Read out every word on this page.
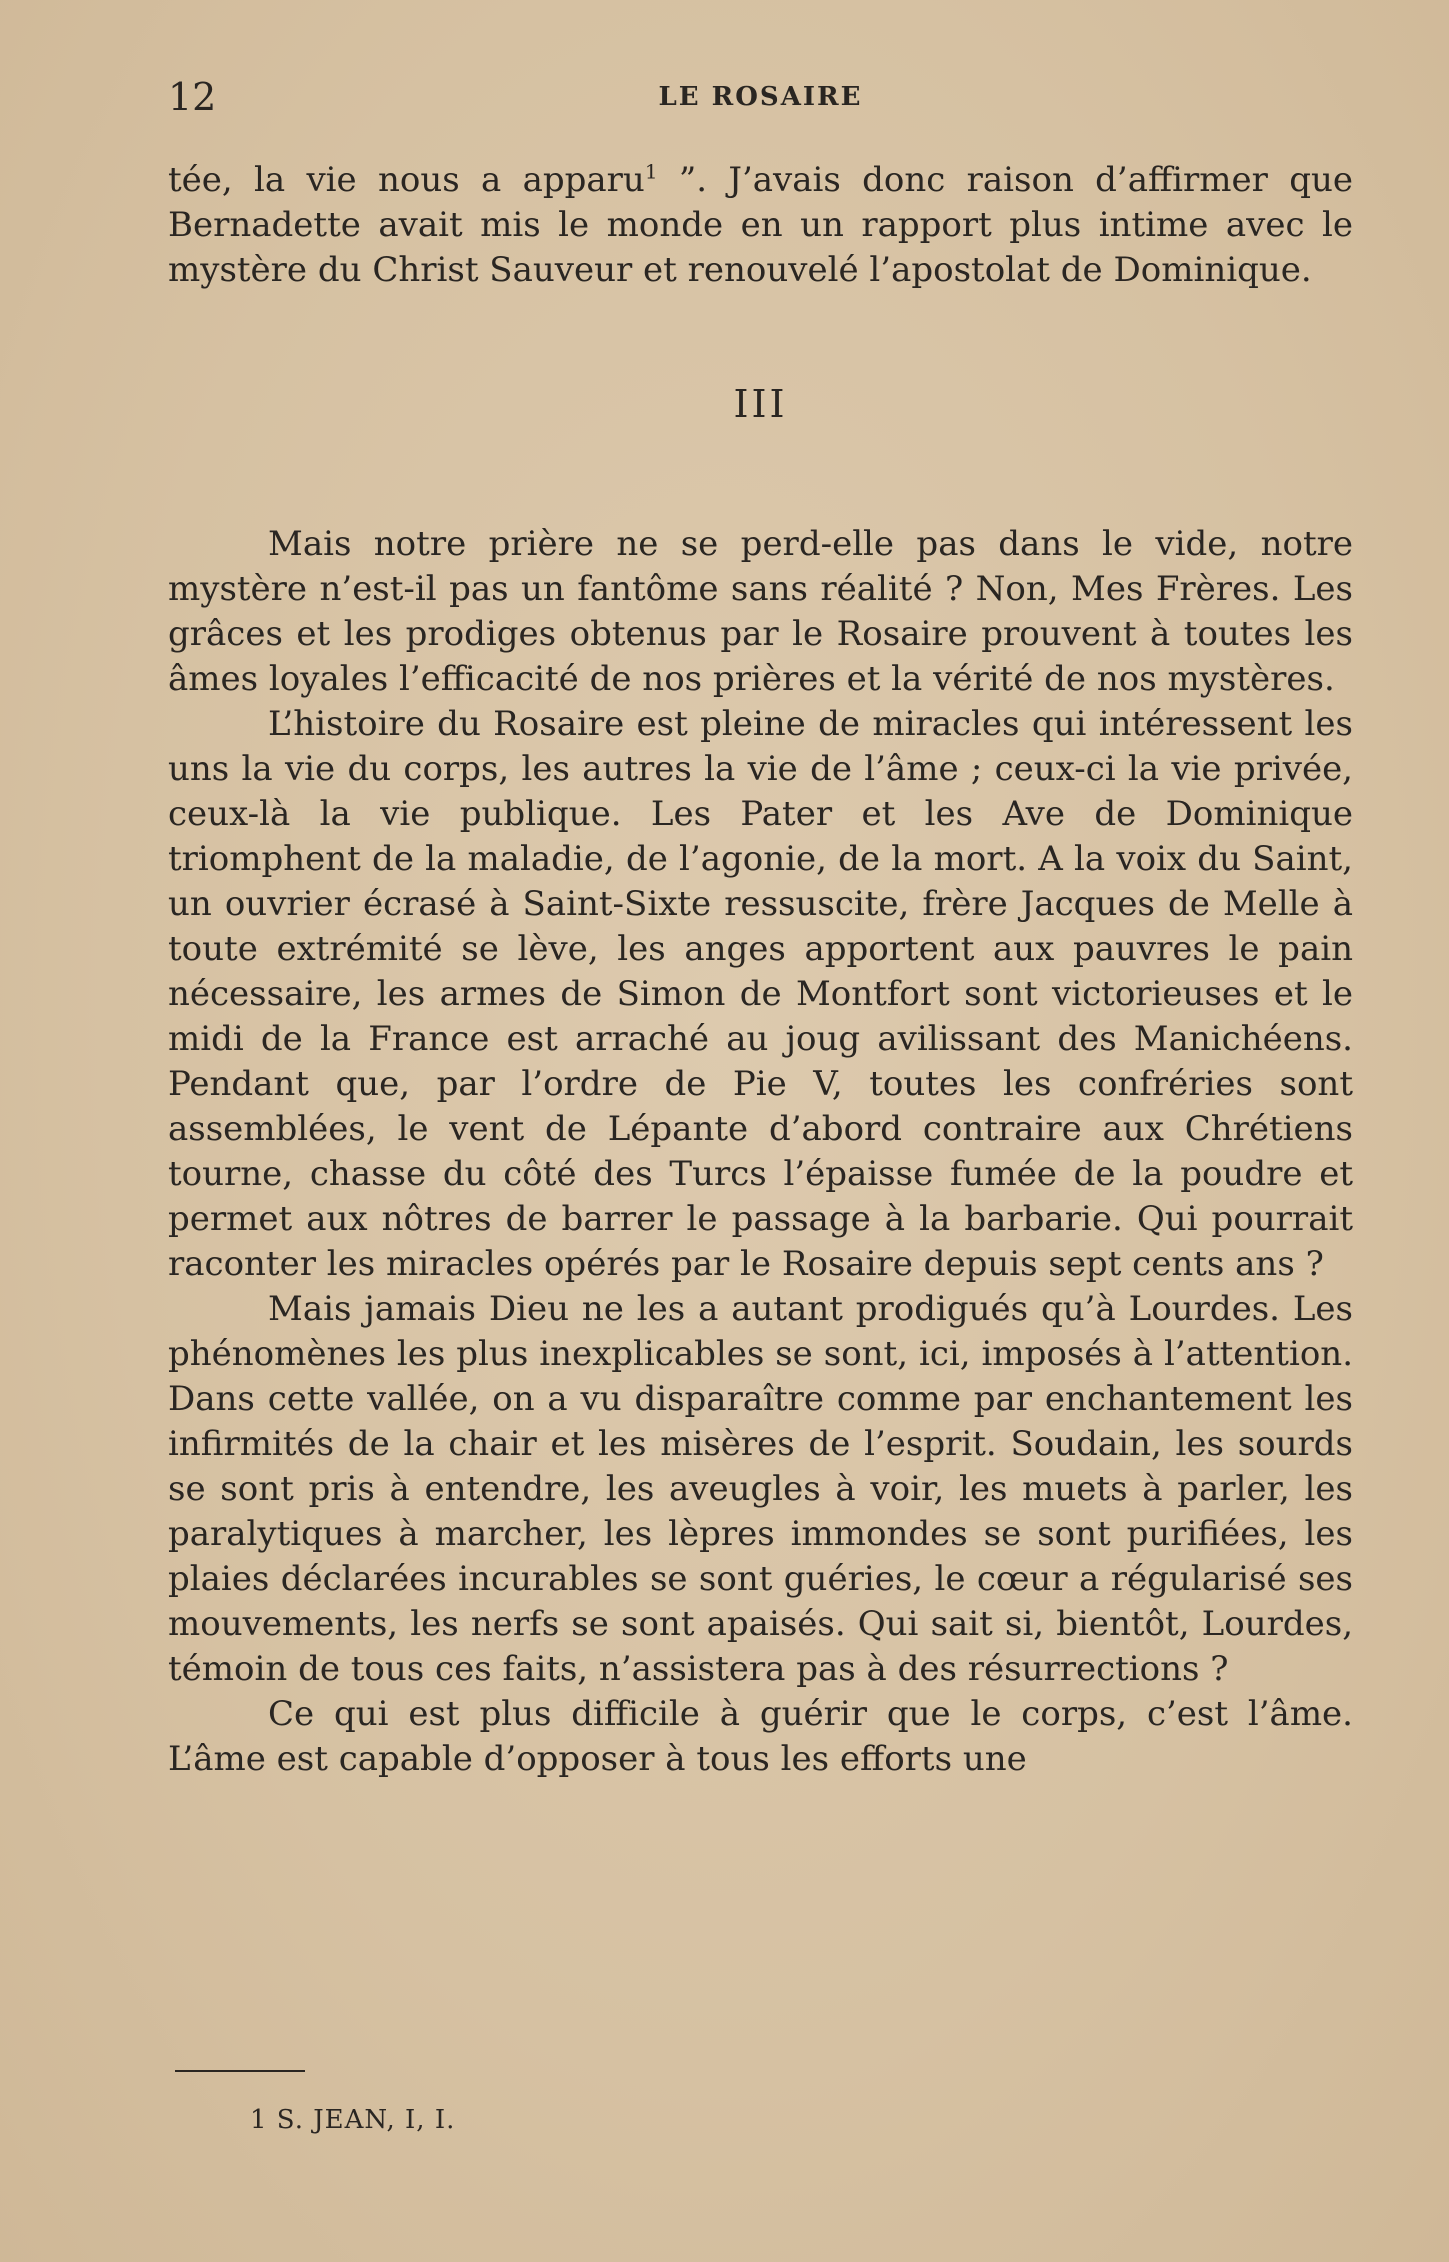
12	LE ROSAIRE

tée, la vie nous a apparu$^1$ ”. J’avais donc raison d’affirmer que Bernadette avait mis le monde en un rapport plus intime avec le mystère du Christ Sauveur et renouvelé l’apostolat de Dominique.

III

Mais notre prière ne se perd-elle pas dans le vide, notre mystère n’est-il pas un fantôme sans réalité ? Non, Mes Frères. Les grâces et les prodiges obtenus par le Rosaire prouvent à toutes les âmes loyales l’efficacité de nos prières et la vérité de nos mystères.

L’histoire du Rosaire est pleine de miracles qui intéressent les uns la vie du corps, les autres la vie de l’âme ; ceux-ci la vie privée, ceux-là la vie publique. Les Pater et les Ave de Dominique triomphent de la maladie, de l’agonie, de la mort. A la voix du Saint, un ouvrier écrasé à Saint-Sixte ressuscite, frère Jacques de Melle à toute extrémité se lève, les anges apportent aux pauvres le pain nécessaire, les armes de Simon de Montfort sont victorieuses et le midi de la France est arraché au joug avilissant des Manichéens. Pendant que, par l’ordre de Pie V, toutes les confréries sont assemblées, le vent de Lépante d’abord contraire aux Chrétiens tourne, chasse du côté des Turcs l’épaisse fumée de la poudre et permet aux nôtres de barrer le passage à la barbarie. Qui pourrait raconter les miracles opérés par le Rosaire depuis sept cents ans ?

Mais jamais Dieu ne les a autant prodigués qu’à Lourdes. Les phénomènes les plus inexplicables se sont, ici, imposés à l’attention. Dans cette vallée, on a vu disparaître comme par enchantement les infirmités de la chair et les misères de l’esprit. Soudain, les sourds se sont pris à entendre, les aveugles à voir, les muets à parler, les paralytiques à marcher, les lèpres immondes se sont purifiées, les plaies déclarées incurables se sont guéries, le cœur a régularisé ses mouvements, les nerfs se sont apaisés. Qui sait si, bientôt, Lourdes, témoin de tous ces faits, n’assistera pas à des résurrections ?

Ce qui est plus difficile à guérir que le corps, c’est l’âme. L’âme est capable d’opposer à tous les efforts une

1 S. JEAN, I, I.
